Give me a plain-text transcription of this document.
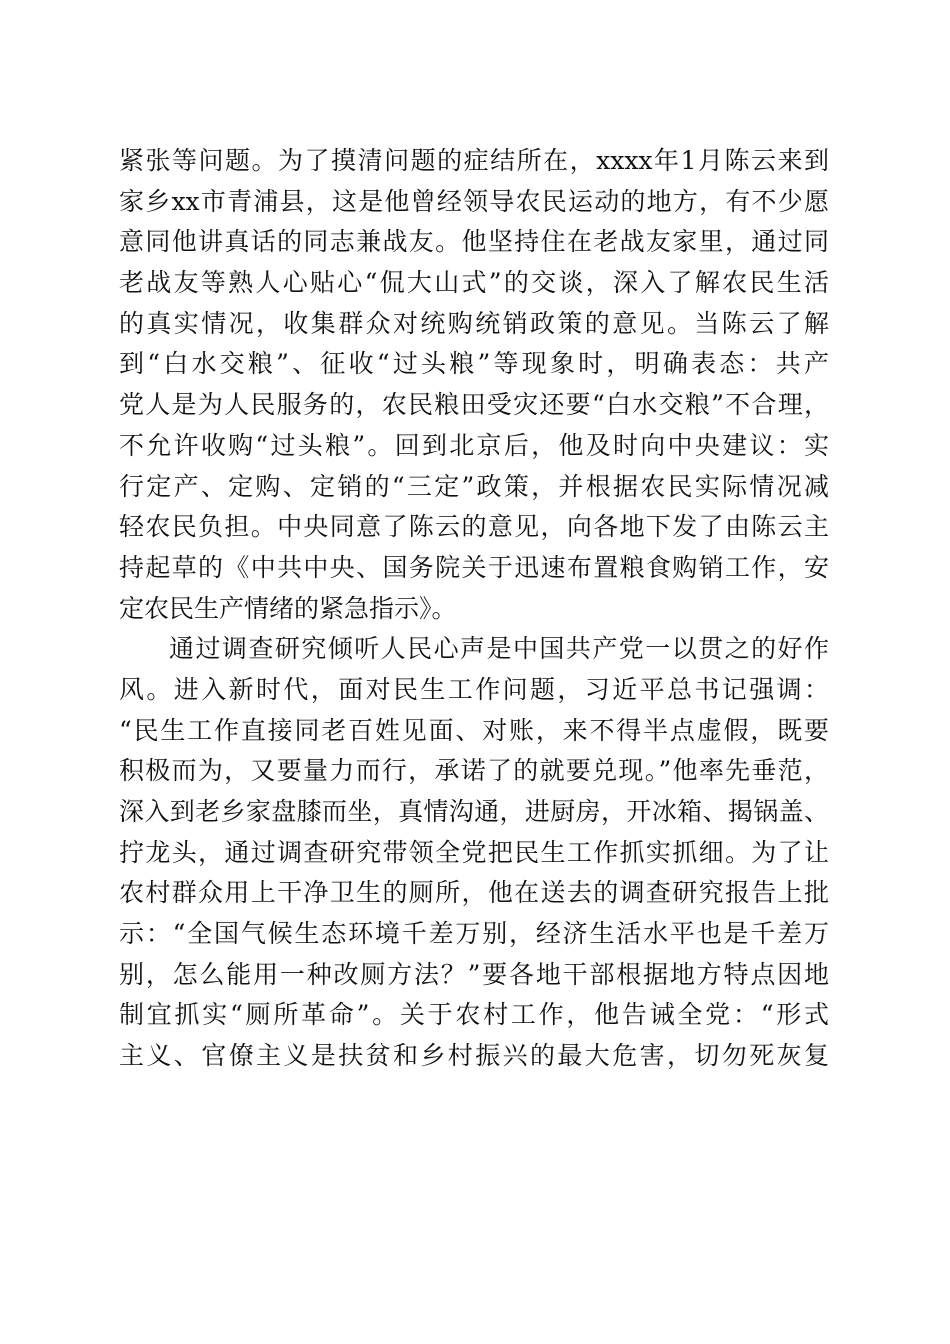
紧张等问题。为了摸清问题的症结所在，xxxx年1月陈云来到
家乡xx市青浦县，这是他曾经领导农民运动的地方，有不少愿
意同他讲真话的同志兼战友。他坚持住在老战友家里，通过同
老战友等熟人心贴心“侃大山式”的交谈，深入了解农民生活
的真实情况，收集群众对统购统销政策的意见。当陈云了解
到“白水交粮”、征收“过头粮”等现象时，明确表态：共产
党人是为人民服务的，农民粮田受灾还要“白水交粮”不合理，
不允许收购“过头粮”。回到北京后，他及时向中央建议：实
行定产、定购、定销的“三定”政策，并根据农民实际情况减
轻农民负担。中央同意了陈云的意见，向各地下发了由陈云主
持起草的《中共中央、国务院关于迅速布置粮食购销工作，安
定农民生产情绪的紧急指示》。
通过调查研究倾听人民心声是中国共产党一以贯之的好作
风。进入新时代，面对民生工作问题，习近平总书记强调：
“民生工作直接同老百姓见面、对账，来不得半点虚假，既要
积极而为，又要量力而行，承诺了的就要兑现。”他率先垂范，
深入到老乡家盘膝而坐，真情沟通，进厨房，开冰箱、揭锅盖、
拧龙头，通过调查研究带领全党把民生工作抓实抓细。为了让
农村群众用上干净卫生的厕所，他在送去的调查研究报告上批
示：“全国气候生态环境千差万别，经济生活水平也是千差万
别，怎么能用一种改厕方法？”要各地干部根据地方特点因地
制宜抓实“厕所革命”。关于农村工作，他告诫全党：“形式
主义、官僚主义是扶贫和乡村振兴的最大危害，切勿死灰复
